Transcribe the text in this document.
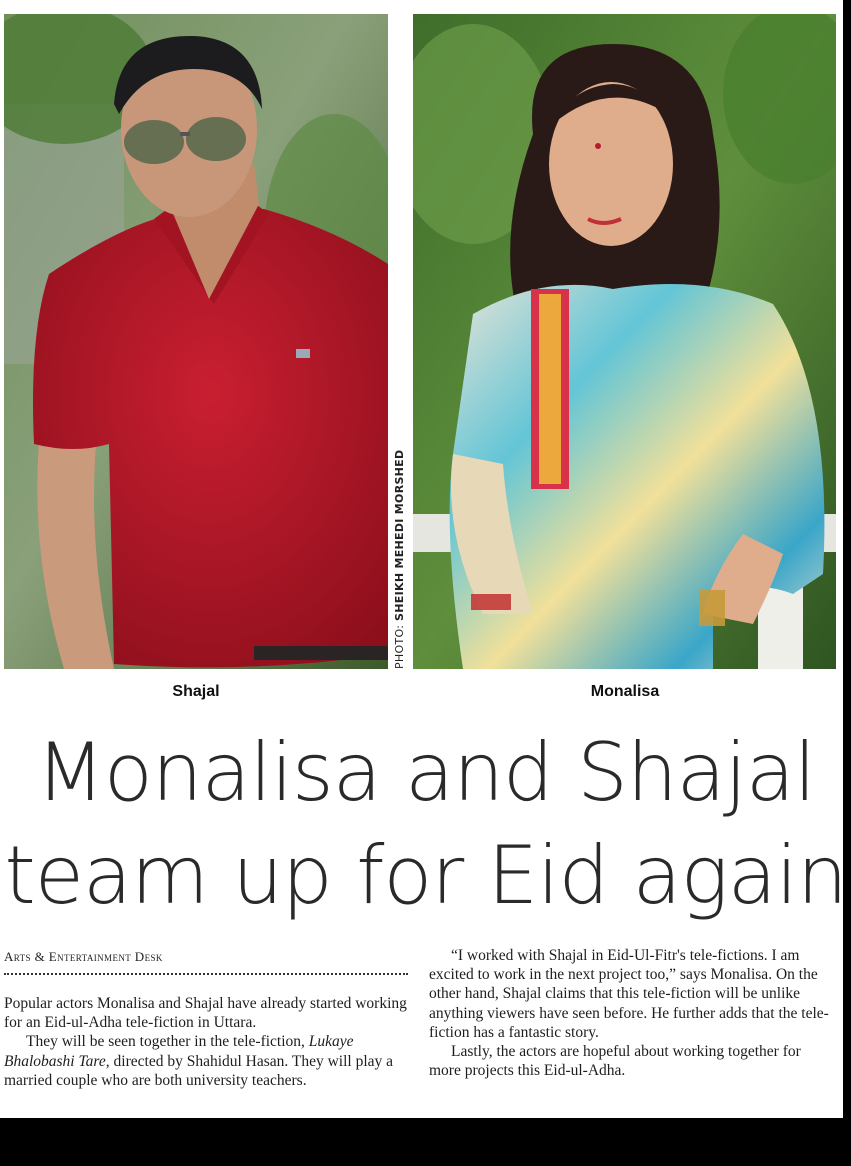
PHOTO: SHEIKH MEHEDI MORSHED
Shajal	Monalisa
Monalisa and Shajal
team up for Eid again
Arts & Entertainment Desk

Popular actors Monalisa and Shajal have already started working for an Eid-ul-Adha tele-fiction in Uttara.

They will be seen together in the tele-fiction, Lukaye Bhalobashi Tare, directed by Shahidul Hasan. They will play a married couple who are both university teachers.

“I worked with Shajal in Eid-Ul-Fitr's tele-fictions. I am excited to work in the next project too,” says Monalisa. On the other hand, Shajal claims that this tele-fiction will be unlike anything viewers have seen before. He further adds that the tele-fiction has a fantastic story.

Lastly, the actors are hopeful about working together for more projects this Eid-ul-Adha.
